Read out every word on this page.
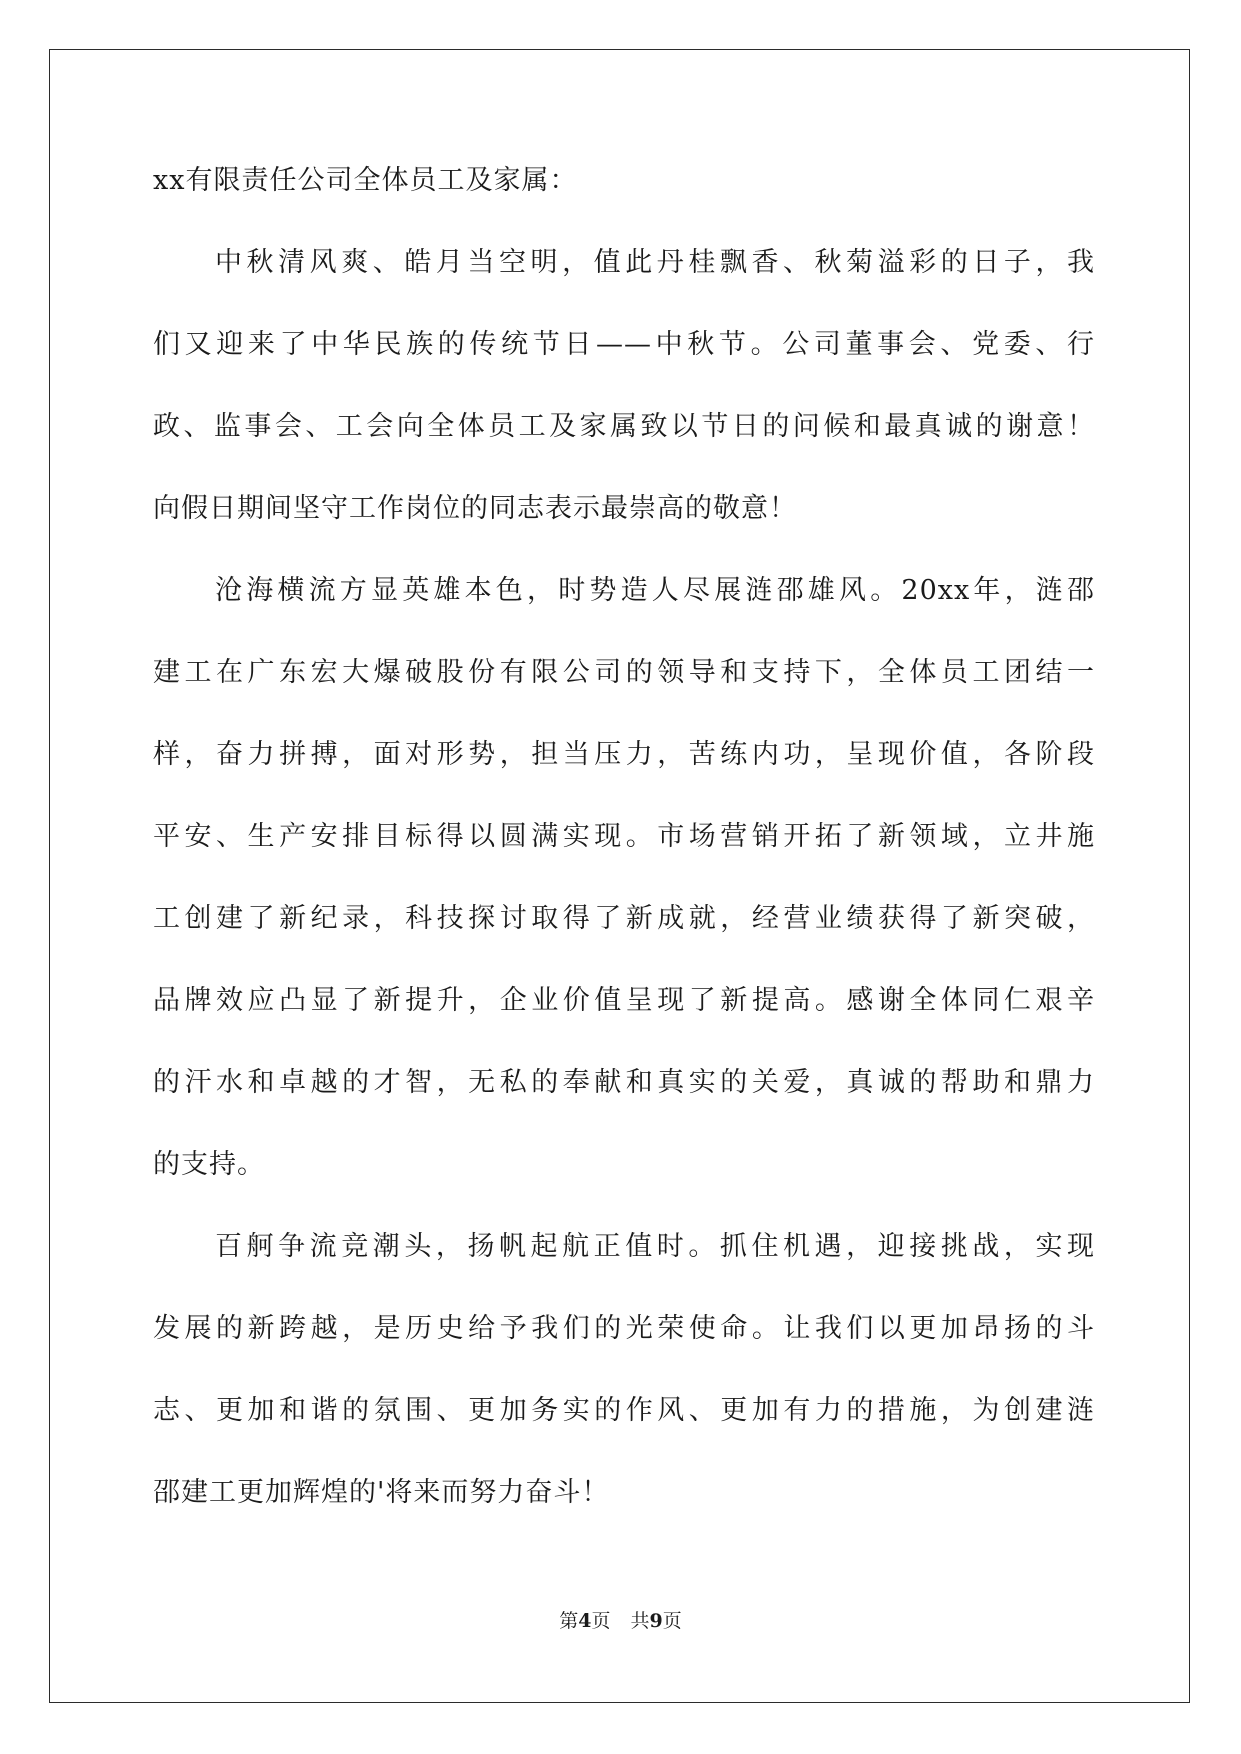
xx有限责任公司全体员工及家属：
中秋清风爽、皓月当空明，值此丹桂飘香、秋菊溢彩的日子，我
们又迎来了中华民族的传统节日——中秋节。公司董事会、党委、行
政、监事会、工会向全体员工及家属致以节日的问候和最真诚的谢意！
向假日期间坚守工作岗位的同志表示最崇高的敬意！
沧海横流方显英雄本色，时势造人尽展涟邵雄风。20xx年，涟邵
建工在广东宏大爆破股份有限公司的领导和支持下，全体员工团结一
样，奋力拼搏，面对形势，担当压力，苦练内功，呈现价值，各阶段
平安、生产安排目标得以圆满实现。市场营销开拓了新领域，立井施
工创建了新纪录，科技探讨取得了新成就，经营业绩获得了新突破，
品牌效应凸显了新提升，企业价值呈现了新提高。感谢全体同仁艰辛
的汗水和卓越的才智，无私的奉献和真实的关爱，真诚的帮助和鼎力
的支持。
百舸争流竞潮头，扬帆起航正值时。抓住机遇，迎接挑战，实现
发展的新跨越，是历史给予我们的光荣使命。让我们以更加昂扬的斗
志、更加和谐的氛围、更加务实的作风、更加有力的措施，为创建涟
邵建工更加辉煌的'将来而努力奋斗！
第4页 共9页
